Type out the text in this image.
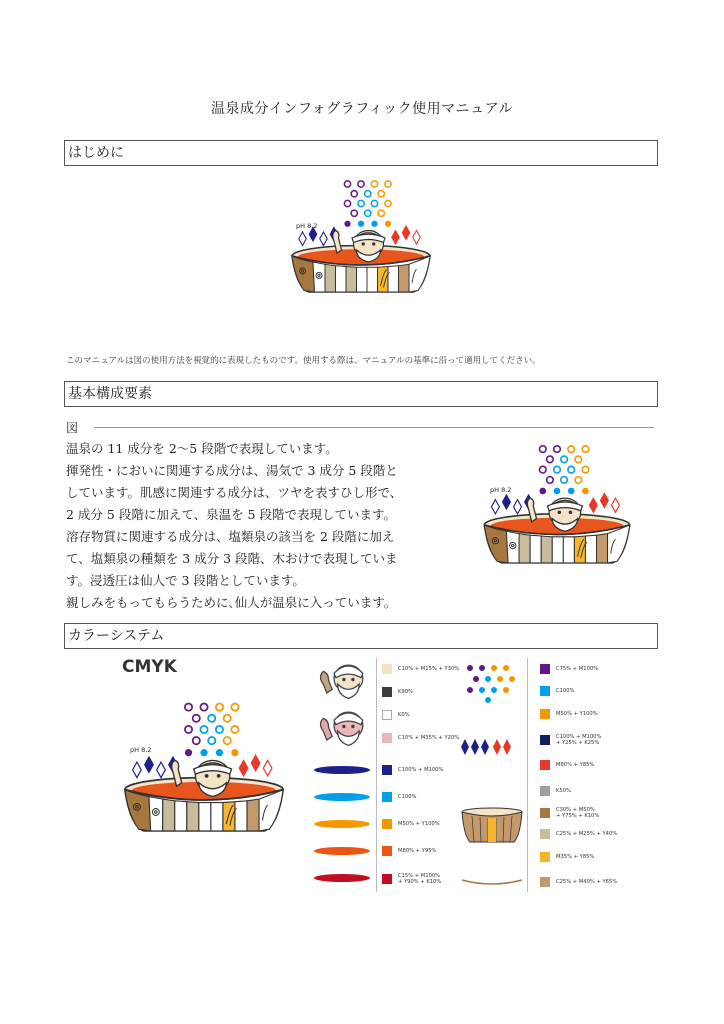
温泉成分インフォグラフィック使用マニュアル
はじめに
pH 8.2
このマニュアルは図の使用方法を視覚的に表現したものです。使用する際は、マニュアルの基準に沿って適用してください。
基本構成要素
図

温泉の 11 成分を 2〜5 段階で表現しています。

揮発性・においに関連する成分は、湯気で 3 成分 5 段階と

しています。肌感に関連する成分は、ツヤを表すひし形で、

2 成分 5 段階に加えて、泉温を 5 段階で表現しています。

溶存物質に関連する成分は、塩類泉の該当を 2 段階に加え

て、塩類泉の種類を 3 成分 3 段階、木おけで表現していま

す。浸透圧は仙人で 3 段階としています。

親しみをもってもらうために､仙人が温泉に入っています。

pH 8.2
カラーシステム
CMYK
pH 8.2
C10% + M15% + Y30%
K90%
K0%
C10% + M35% + Y20%
C100% + M100%
C100%
M50% + Y100%
M80% + Y95%
C15% + M100%
+ Y90% + K10%
C75% + M100%
C100%
M50% + Y100%
C100% + M100%
+ Y25% + K25%
M80% + Y85%
K50%
C30% + M50%
+ Y75% + K10%
C25% + M25% + Y40%
M35% + Y85%
C25% + M40% + Y65%
